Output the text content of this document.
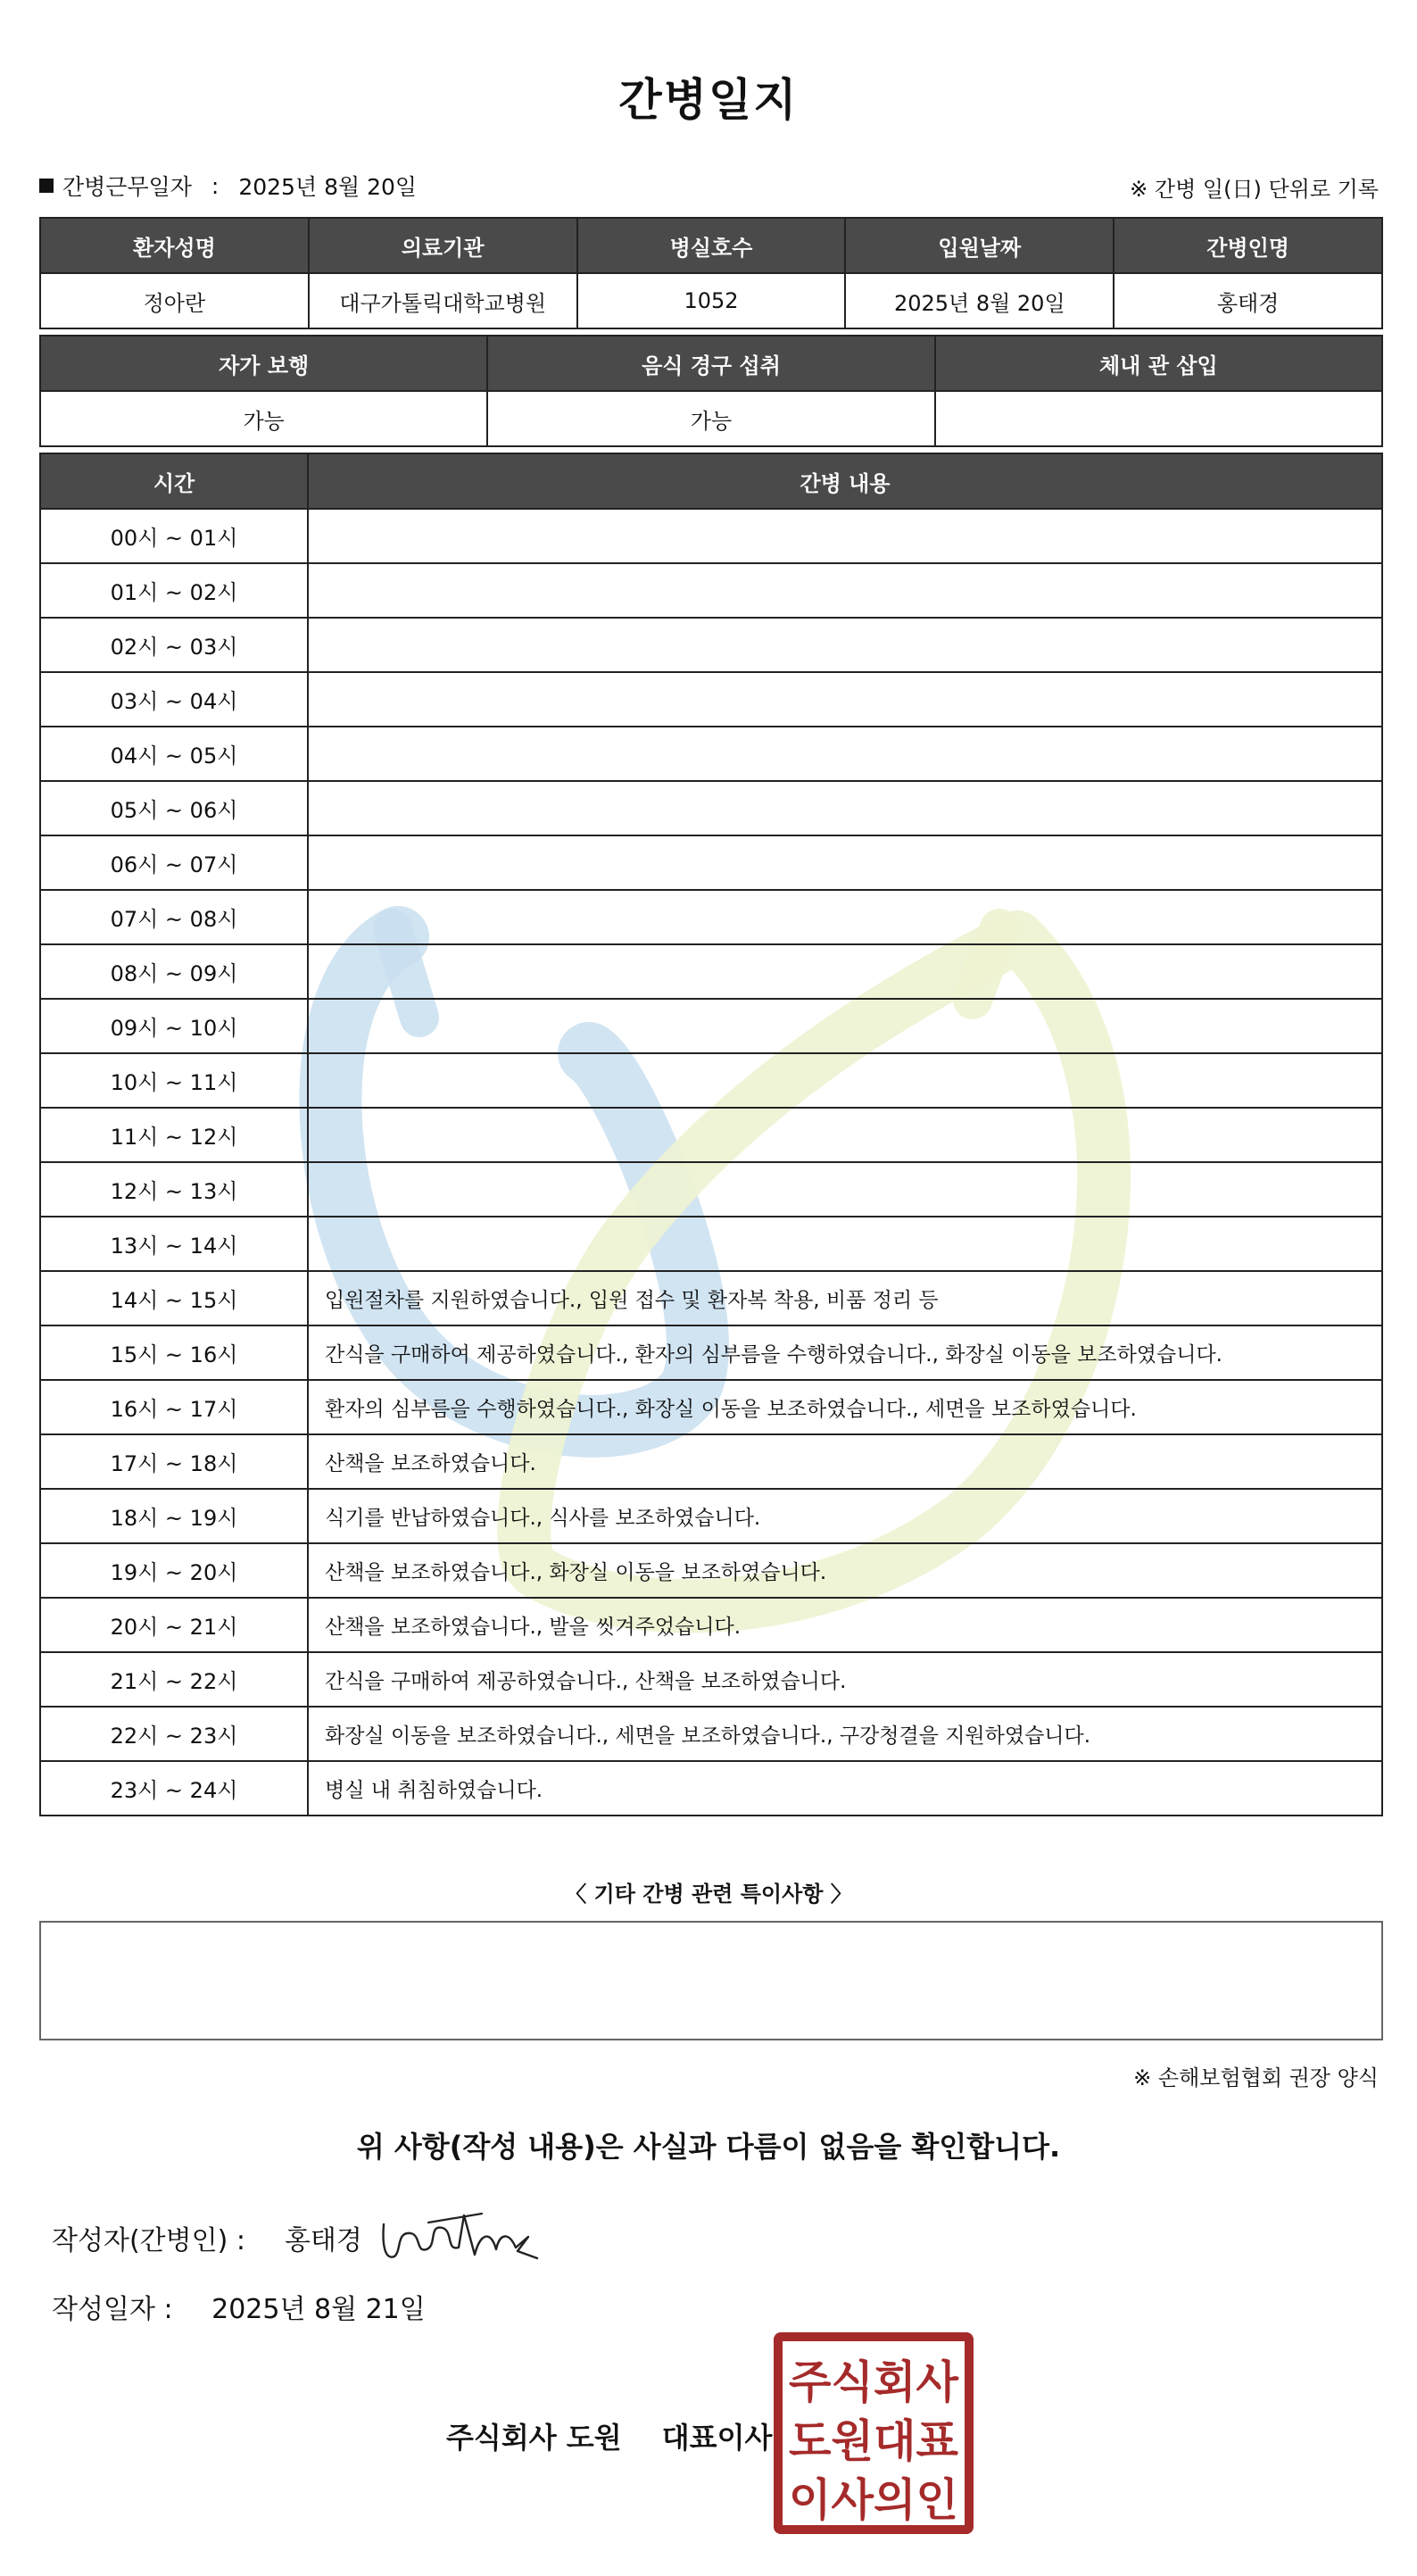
간병일지
간병근무일자 : 2025년 8월 20일	※ 간병 일(日) 단위로 기록
환자성명	의료기관	병실호수	입원날짜	간병인명
정아란	대구가톨릭대학교병원	1052	2025년 8월 20일	홍태경
자가 보행	음식 경구 섭취	체내 관 삽입
가능	가능	
시간	간병 내용
00시 ~ 01시	
01시 ~ 02시	
02시 ~ 03시	
03시 ~ 04시	
04시 ~ 05시	
05시 ~ 06시	
06시 ~ 07시	
07시 ~ 08시	
08시 ~ 09시	
09시 ~ 10시	
10시 ~ 11시	
11시 ~ 12시	
12시 ~ 13시	
13시 ~ 14시	
14시 ~ 15시	입원절차를 지원하였습니다., 입원 접수 및 환자복 착용, 비품 정리 등
15시 ~ 16시	간식을 구매하여 제공하였습니다., 환자의 심부름을 수행하였습니다., 화장실 이동을 보조하였습니다.
16시 ~ 17시	환자의 심부름을 수행하였습니다., 화장실 이동을 보조하였습니다., 세면을 보조하였습니다.
17시 ~ 18시	산책을 보조하였습니다.
18시 ~ 19시	식기를 반납하였습니다., 식사를 보조하였습니다.
19시 ~ 20시	산책을 보조하였습니다., 화장실 이동을 보조하였습니다.
20시 ~ 21시	산책을 보조하였습니다., 발을 씻겨주었습니다.
21시 ~ 22시	간식을 구매하여 제공하였습니다., 산책을 보조하였습니다.
22시 ~ 23시	화장실 이동을 보조하였습니다., 세면을 보조하였습니다., 구강청결을 지원하였습니다.
23시 ~ 24시	병실 내 취침하였습니다.
〈 기타 간병 관련 특이사항 〉
※ 손해보험협회 권장 양식
위 사항(작성 내용)은 사실과 다름이 없음을 확인합니다.
작성자(간병인) : 홍태경
작성일자 : 2025년 8월 21일
주식회사 도원 대표이사
주식회사
도원대표
이사의인
